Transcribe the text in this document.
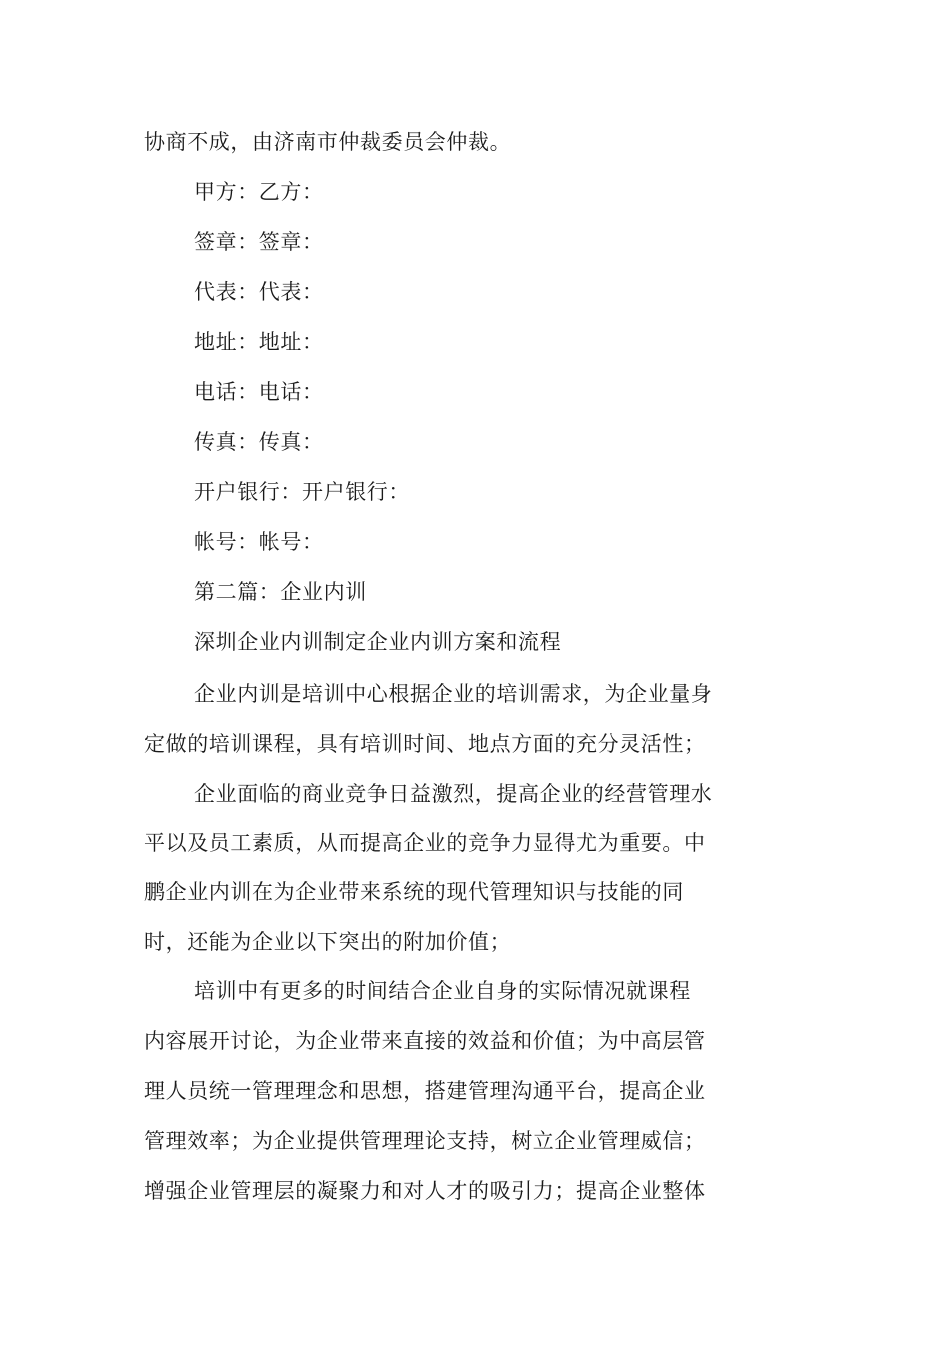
协商不成，由济南市仲裁委员会仲裁。
甲方：乙方：
签章：签章：
代表：代表：
地址：地址：
电话：电话：
传真：传真：
开户银行：开户银行：
帐号：帐号：
第二篇：企业内训
深圳企业内训制定企业内训方案和流程
企业内训是培训中心根据企业的培训需求，为企业量身
定做的培训课程，具有培训时间、地点方面的充分灵活性；
企业面临的商业竞争日益激烈，提高企业的经营管理水
平以及员工素质，从而提高企业的竞争力显得尤为重要。中
鹏企业内训在为企业带来系统的现代管理知识与技能的同
时，还能为企业以下突出的附加价值；
培训中有更多的时间结合企业自身的实际情况就课程
内容展开讨论，为企业带来直接的效益和价值；为中高层管
理人员统一管理理念和思想，搭建管理沟通平台，提高企业
管理效率；为企业提供管理理论支持，树立企业管理威信；
增强企业管理层的凝聚力和对人才的吸引力；提高企业整体
